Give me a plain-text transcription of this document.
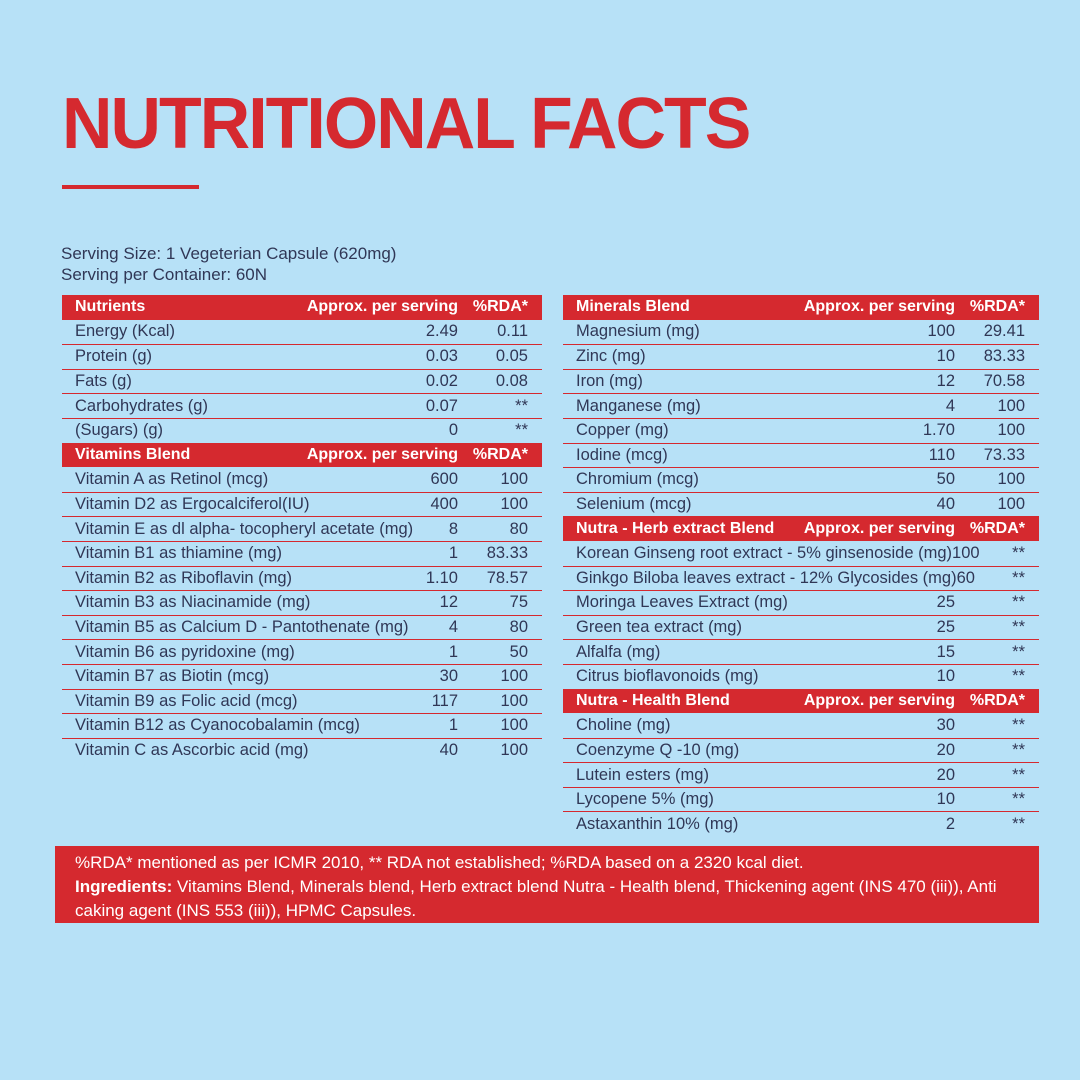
NUTRITIONAL FACTS
Serving Size: 1 Vegeterian Capsule (620mg)
Serving per Container: 60N
Nutrients	Approx. per serving %RDA*
Energy (Kcal)	2.49	0.11
Protein (g)	0.03	0.05
Fats (g)	0.02	0.08
Carbohydrates (g)	0.07	**
(Sugars) (g)	0	**
Vitamins Blend	Approx. per serving %RDA*
Vitamin A as Retinol (mcg)	600	100
Vitamin D2 as Ergocalciferol(IU)	400	100
Vitamin E as dl alpha- tocopheryl acetate (mg)	8	80
Vitamin B1 as thiamine (mg)	1	83.33
Vitamin B2 as Riboflavin (mg)	1.10	78.57
Vitamin B3 as Niacinamide (mg)	12	75
Vitamin B5 as Calcium D - Pantothenate (mg)	4	80
Vitamin B6 as pyridoxine (mg)	1	50
Vitamin B7 as Biotin (mcg)	30	100
Vitamin B9 as Folic acid (mcg)	117	100
Vitamin B12 as Cyanocobalamin (mcg)	1	100
Vitamin C as Ascorbic acid (mg)	40	100
Minerals Blend	Approx. per serving %RDA*
Magnesium (mg)	100	29.41
Zinc (mg)	10	83.33
Iron (mg)	12	70.58
Manganese (mg)	4	100
Copper (mg)	1.70	100
Iodine (mcg)	110	73.33
Chromium (mcg)	50	100
Selenium (mcg)	40	100
Nutra - Herb extract Blend	Approx. per serving %RDA*
Korean Ginseng root extract - 5% ginsenoside (mg) 100	**
Ginkgo Biloba leaves extract - 12% Glycosides (mg) 60	**
Moringa Leaves Extract (mg)	25	**
Green tea extract (mg)	25	**
Alfalfa (mg)	15	**
Citrus bioflavonoids (mg)	10	**
Nutra - Health Blend	Approx. per serving %RDA*
Choline (mg)	30	**
Coenzyme Q -10 (mg)	20	**
Lutein esters (mg)	20	**
Lycopene 5% (mg)	10	**
Astaxanthin 10% (mg)	2	**
%RDA* mentioned as per ICMR 2010, ** RDA not established; %RDA based on a 2320 kcal diet.
Ingredients: Vitamins Blend, Minerals blend, Herb extract blend Nutra - Health blend, Thickening agent (INS 470 (iii)), Anti caking agent (INS 553 (iii)), HPMC Capsules.
